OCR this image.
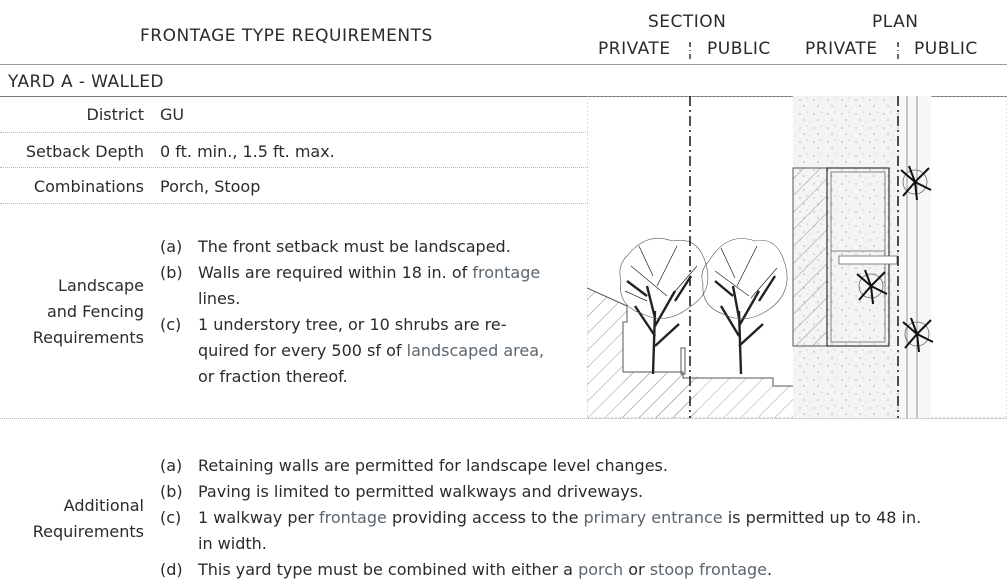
FRONTAGE TYPE REQUIREMENTS
SECTION	PLAN
PRIVATE PUBLIC PRIVATE PUBLIC
YARD A - WALLED
District GU
Setback Depth 0 ft. min., 1.5 ft. max.
Combinations Porch, Stoop
Landscape
and Fencing
Requirements
(a) The front setback must be landscaped.
(b) Walls are required within 18 in. of frontage
lines.
(c) 1 understory tree, or 10 shrubs are re-
quired for every 500 sf of landscaped area,
or fraction thereof.
Additional
Requirements
(a) Retaining walls are permitted for landscape level changes.
(b) Paving is limited to permitted walkways and driveways.
(c) 1 walkway per frontage providing access to the primary entrance is permitted up to 48 in.
in width.
(d) This yard type must be combined with either a porch or stoop frontage.
